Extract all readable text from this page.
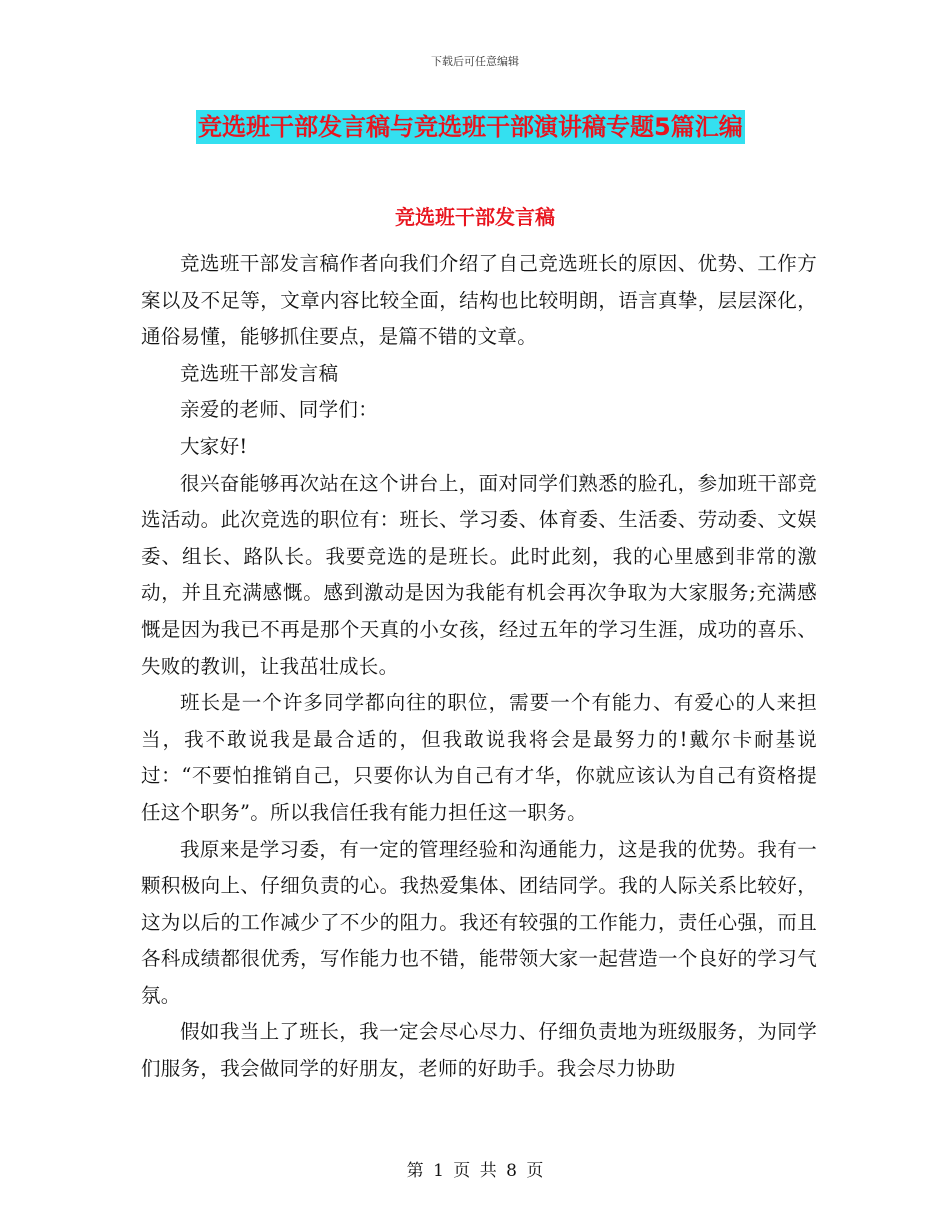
下载后可任意编辑
竞选班干部发言稿与竞选班干部演讲稿专题5篇汇编
竞选班干部发言稿

竞选班干部发言稿作者向我们介绍了自己竞选班长的原因、优势、工作方案以及不足等，文章内容比较全面，结构也比较明朗，语言真挚，层层深化，通俗易懂，能够抓住要点，是篇不错的文章。

竞选班干部发言稿

亲爱的老师、同学们：

大家好!

很兴奋能够再次站在这个讲台上，面对同学们熟悉的脸孔，参加班干部竞选活动。此次竞选的职位有：班长、学习委、体育委、生活委、劳动委、文娱委、组长、路队长。我要竞选的是班长。此时此刻，我的心里感到非常的激动，并且充满感慨。感到激动是因为我能有机会再次争取为大家服务;充满感慨是因为我已不再是那个天真的小女孩，经过五年的学习生涯，成功的喜乐、失败的教训，让我茁壮成长。

班长是一个许多同学都向往的职位，需要一个有能力、有爱心的人来担当，我不敢说我是最合适的，但我敢说我将会是最努力的!戴尔卡耐基说过：“不要怕推销自己，只要你认为自己有才华，你就应该认为自己有资格提任这个职务”。所以我信任我有能力担任这一职务。

我原来是学习委，有一定的管理经验和沟通能力，这是我的优势。我有一颗积极向上、仔细负责的心。我热爱集体、团结同学。我的人际关系比较好，这为以后的工作减少了不少的阻力。我还有较强的工作能力，责任心强，而且各科成绩都很优秀，写作能力也不错，能带领大家一起营造一个良好的学习气氛。

假如我当上了班长，我一定会尽心尽力、仔细负责地为班级服务，为同学们服务，我会做同学的好朋友，老师的好助手。我会尽力协助

第 1 页 共 8 页
